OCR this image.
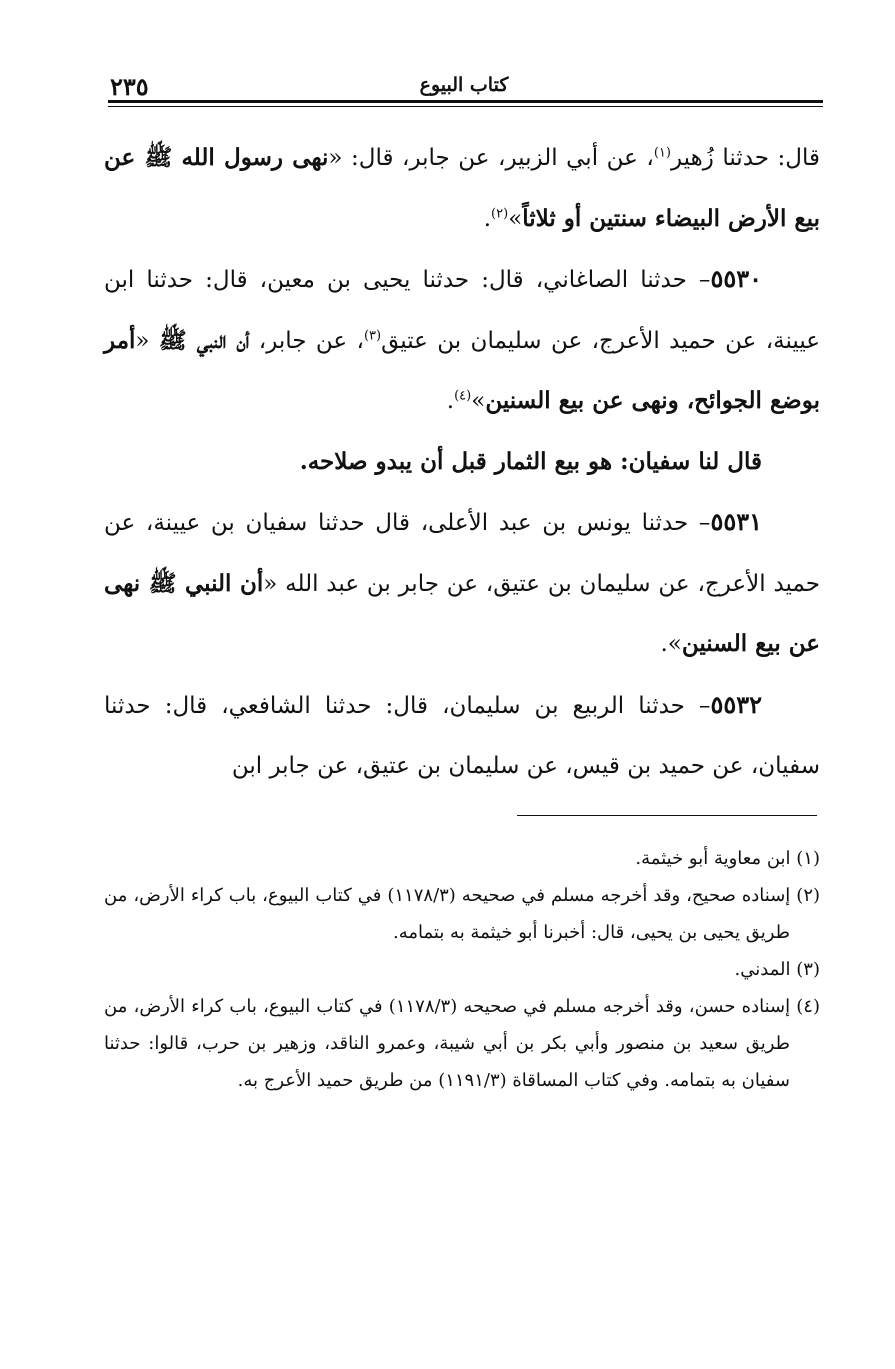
٢٣٥	كتاب البيوع

قال: حدثنا زُهير$^{(١)}$، عن أبي الزبير، عن جابر، قال: «نهى رسول الله ﷺ عن بيع الأرض البيضاء سنتين أو ثلاثاً»$^{(٢)}$.

٥٥٣٠– حدثنا الصاغاني، قال: حدثنا يحيى بن معين، قال: حدثنا ابن عيينة، عن حميد الأعرج، عن سليمان بن عتيق$^{(٣)}$، عن جابر، أن النبي ﷺ «أمر بوضع الجوائح، ونهى عن بيع السنين»$^{(٤)}$.

قال لنا سفيان: هو بيع الثمار قبل أن يبدو صلاحه.

٥٥٣١– حدثنا يونس بن عبد الأعلى، قال حدثنا سفيان بن عيينة، عن حميد الأعرج، عن سليمان بن عتيق، عن جابر بن عبد الله «أن النبي ﷺ نهى عن بيع السنين».

٥٥٣٢– حدثنا الربيع بن سليمان، قال: حدثنا الشافعي، قال: حدثنا سفيان، عن حميد بن قيس، عن سليمان بن عتيق، عن جابر ابن

(١) ابن معاوية أبو خيثمة.

(٢) إسناده صحيح، وقد أخرجه مسلم في صحيحه (١١٧٨/٣) في كتاب البيوع، باب كراء الأرض، من طريق يحيى بن يحيى، قال: أخبرنا أبو خيثمة به بتمامه.

(٣) المدني.

(٤) إسناده حسن، وقد أخرجه مسلم في صحيحه (١١٧٨/٣) في كتاب البيوع، باب كراء الأرض، من طريق سعيد بن منصور وأبي بكر بن أبي شيبة، وعمرو الناقد، وزهير بن حرب، قالوا: حدثنا سفيان به بتمامه. وفي كتاب المساقاة (١١٩١/٣) من طريق حميد الأعرج به.
